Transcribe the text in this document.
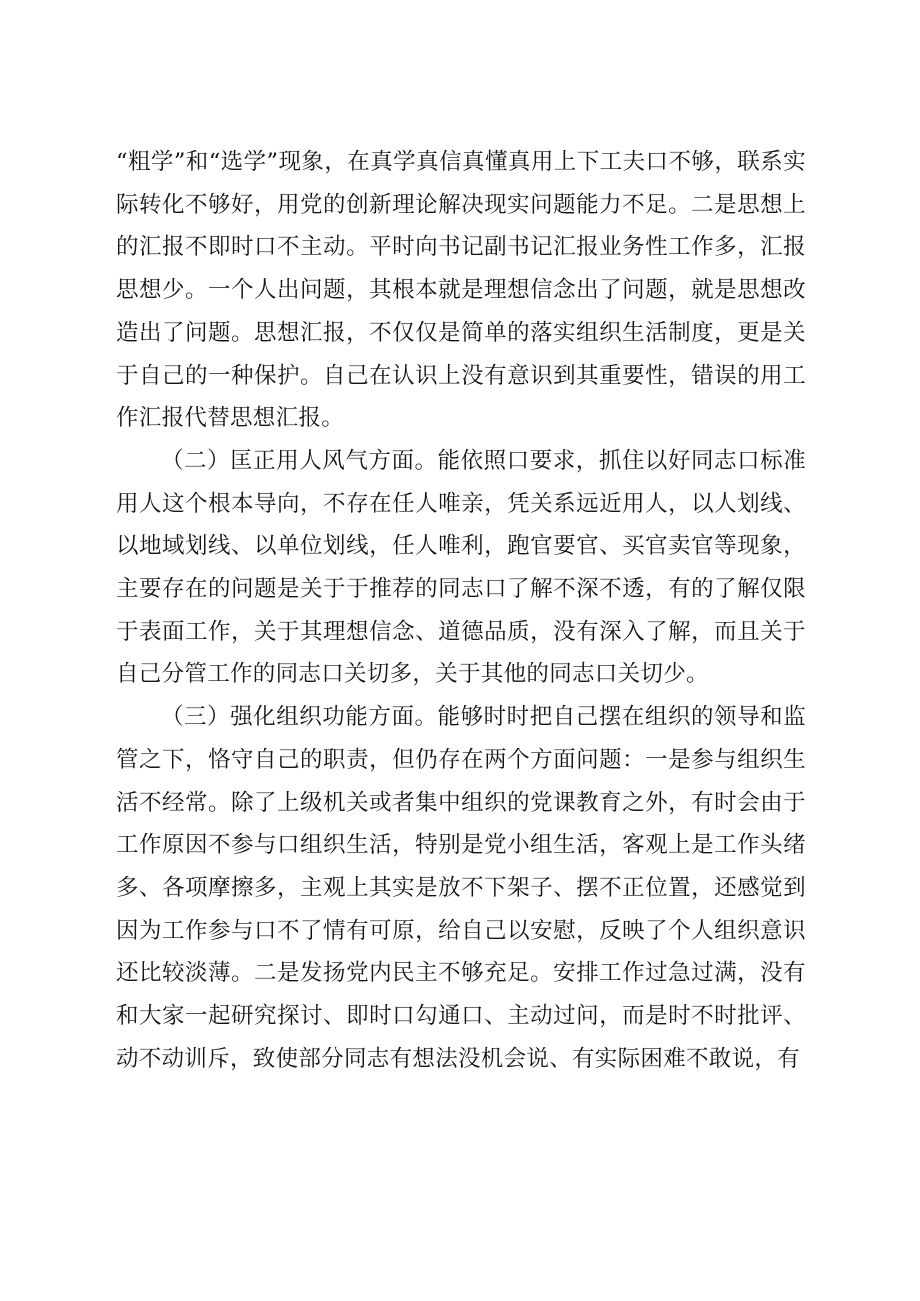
“粗学”和“选学”现象，在真学真信真懂真用上下工夫口不够，联系实际转化不够好，用党的创新理论解决现实问题能力不足。二是思想上的汇报不即时口不主动。平时向书记副书记汇报业务性工作多，汇报思想少。一个人出问题，其根本就是理想信念出了问题，就是思想改造出了问题。思想汇报，不仅仅是简单的落实组织生活制度，更是关于自己的一种保护。自己在认识上没有意识到其重要性，错误的用工作汇报代替思想汇报。

（二）匡正用人风气方面。能依照口要求，抓住以好同志口标准用人这个根本导向，不存在任人唯亲，凭关系远近用人，以人划线、以地域划线、以单位划线，任人唯利，跑官要官、买官卖官等现象，主要存在的问题是关于于推荐的同志口了解不深不透，有的了解仅限于表面工作，关于其理想信念、道德品质，没有深入了解，而且关于自己分管工作的同志口关切多，关于其他的同志口关切少。

（三）强化组织功能方面。能够时时把自己摆在组织的领导和监管之下，恪守自己的职责，但仍存在两个方面问题：一是参与组织生活不经常。除了上级机关或者集中组织的党课教育之外，有时会由于工作原因不参与口组织生活，特别是党小组生活，客观上是工作头绪多、各项摩擦多，主观上其实是放不下架子、摆不正位置，还感觉到因为工作参与口不了情有可原，给自己以安慰，反映了个人组织意识还比较淡薄。二是发扬党内民主不够充足。安排工作过急过满，没有和大家一起研究探讨、即时口勾通口、主动过问，而是时不时批评、动不动训斥，致使部分同志有想法没机会说、有实际困难不敢说，有
